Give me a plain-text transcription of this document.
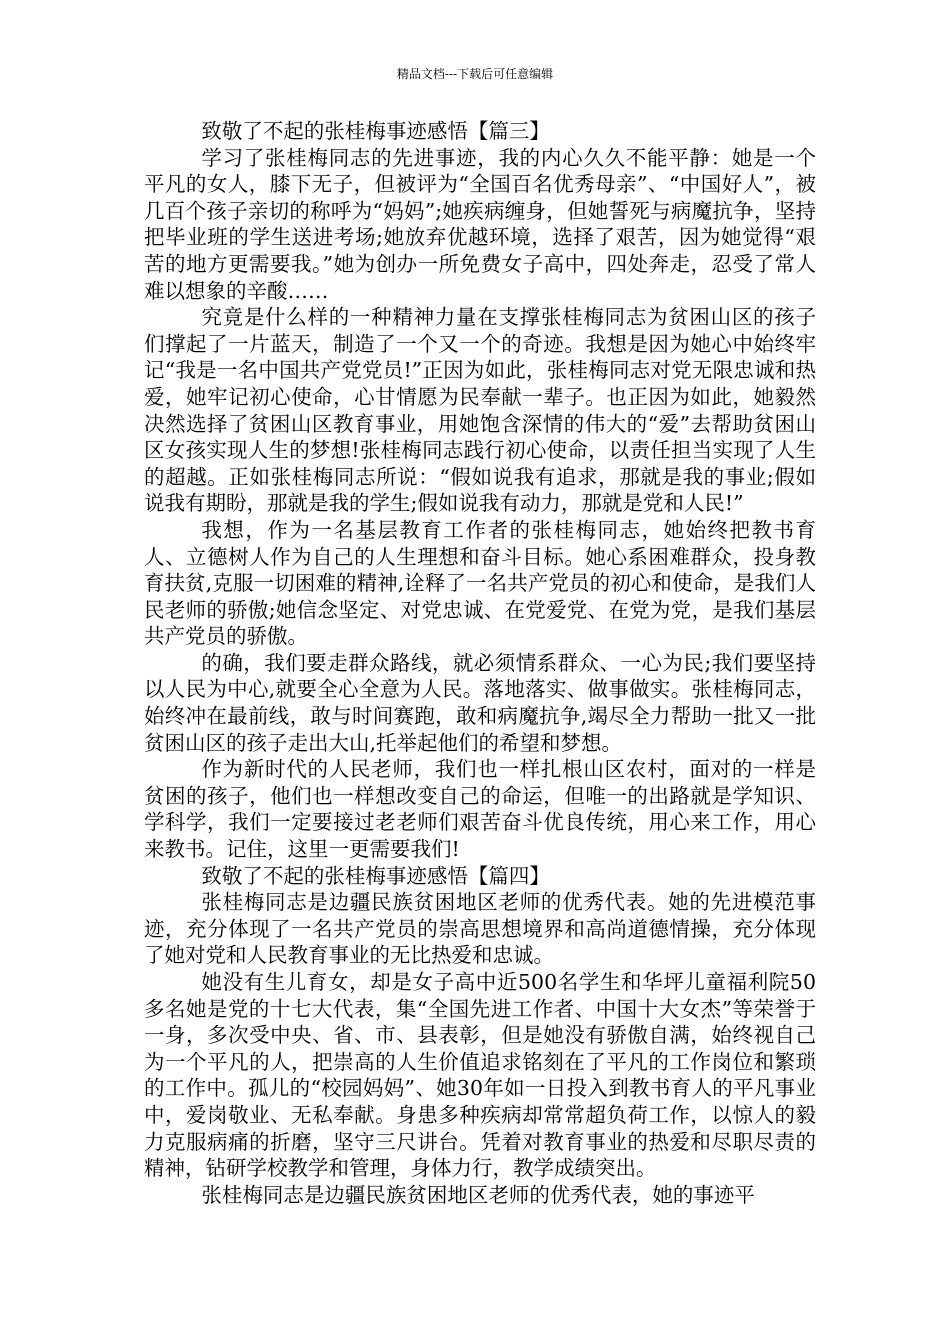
精品文档---下载后可任意编辑

致敬了不起的张桂梅事迹感悟【篇三】

学习了张桂梅同志的先进事迹，我的内心久久不能平静：她是一个平凡的女人，膝下无子，但被评为“全国百名优秀母亲”、“中国好人”，被几百个孩子亲切的称呼为“妈妈”;她疾病缠身，但她誓死与病魔抗争，坚持把毕业班的学生送进考场;她放弃优越环境，选择了艰苦，因为她觉得“艰苦的地方更需要我。”她为创办一所免费女子高中，四处奔走，忍受了常人难以想象的辛酸……

究竟是什么样的一种精神力量在支撑张桂梅同志为贫困山区的孩子们撑起了一片蓝天，制造了一个又一个的奇迹。我想是因为她心中始终牢记“我是一名中国共产党党员!”正因为如此，张桂梅同志对党无限忠诚和热爱，她牢记初心使命，心甘情愿为民奉献一辈子。也正因为如此，她毅然决然选择了贫困山区教育事业，用她饱含深情的伟大的“爱”去帮助贫困山区女孩实现人生的梦想!张桂梅同志践行初心使命，以责任担当实现了人生的超越。正如张桂梅同志所说：“假如说我有追求，那就是我的事业;假如说我有期盼，那就是我的学生;假如说我有动力，那就是党和人民!”

我想，作为一名基层教育工作者的张桂梅同志，她始终把教书育人、立德树人作为自己的人生理想和奋斗目标。她心系困难群众，投身教育扶贫,克服一切困难的精神,诠释了一名共产党员的初心和使命，是我们人民老师的骄傲;她信念坚定、对党忠诚、在党爱党、在党为党，是我们基层共产党员的骄傲。

的确，我们要走群众路线，就必须情系群众、一心为民;我们要坚持以人民为中心,就要全心全意为人民。落地落实、做事做实。张桂梅同志，始终冲在最前线，敢与时间赛跑，敢和病魔抗争,竭尽全力帮助一批又一批贫困山区的孩子走出大山,托举起他们的希望和梦想。

作为新时代的人民老师，我们也一样扎根山区农村，面对的一样是贫困的孩子，他们也一样想改变自己的命运，但唯一的出路就是学知识、学科学，我们一定要接过老老师们艰苦奋斗优良传统，用心来工作，用心来教书。记住，这里一更需要我们!

致敬了不起的张桂梅事迹感悟【篇四】

张桂梅同志是边疆民族贫困地区老师的优秀代表。她的先进模范事迹，充分体现了一名共产党员的崇高思想境界和高尚道德情操，充分体现了她对党和人民教育事业的无比热爱和忠诚。

她没有生儿育女，却是女子高中近500名学生和华坪儿童福利院50多名她是党的十七大代表，集“全国先进工作者、中国十大女杰”等荣誉于一身，多次受中央、省、市、县表彰，但是她没有骄傲自满，始终视自己为一个平凡的人，把崇高的人生价值追求铭刻在了平凡的工作岗位和繁琐的工作中。孤儿的“校园妈妈”、她30年如一日投入到教书育人的平凡事业中，爱岗敬业、无私奉献。身患多种疾病却常常超负荷工作，以惊人的毅力克服病痛的折磨，坚守三尺讲台。凭着对教育事业的热爱和尽职尽责的精神，钻研学校教学和管理，身体力行，教学成绩突出。

张桂梅同志是边疆民族贫困地区老师的优秀代表，她的事迹平
